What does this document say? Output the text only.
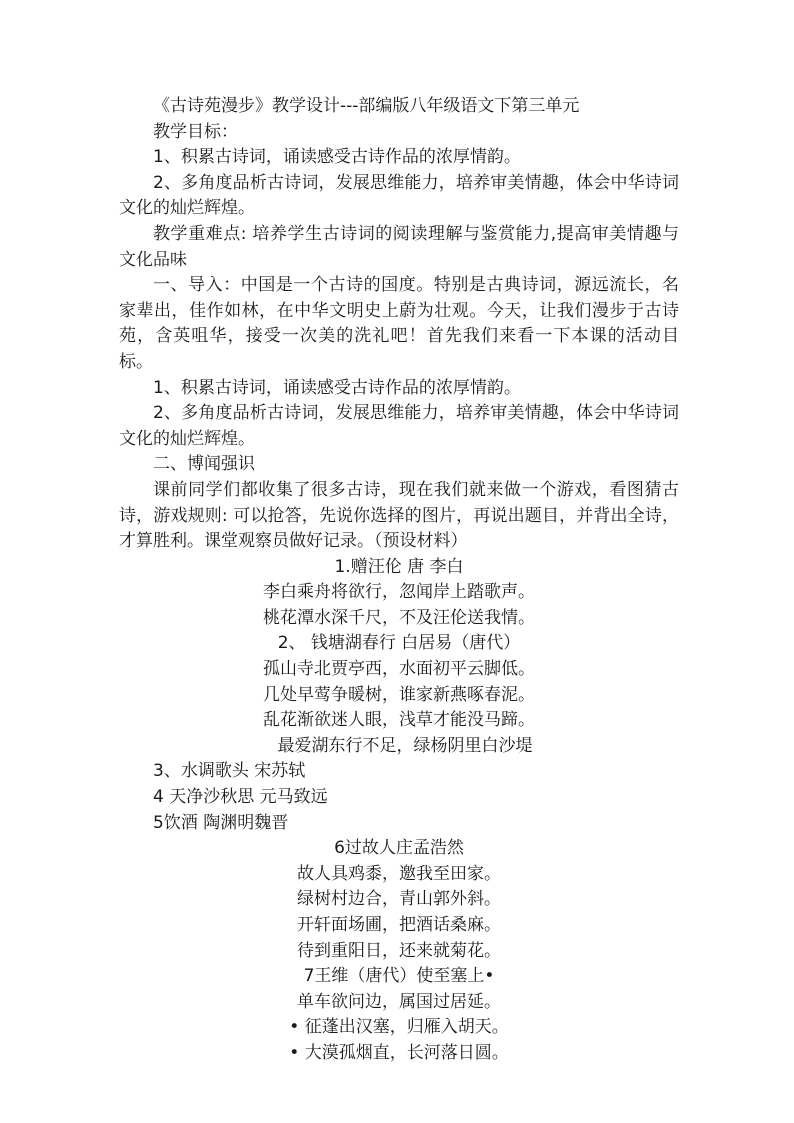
《古诗苑漫步》教学设计---部编版八年级语文下第三单元

教学目标：

1、积累古诗词，诵读感受古诗作品的浓厚情韵。

2、多角度品析古诗词，发展思维能力，培养审美情趣，体会中华诗词文化的灿烂辉煌。

教学重难点: 培养学生古诗词的阅读理解与鉴赏能力,提高审美情趣与文化品味

一、导入：中国是一个古诗的国度。特别是古典诗词，源远流长，名家辈出，佳作如林，在中华文明史上蔚为壮观。今天，让我们漫步于古诗苑，含英咀华，接受一次美的洗礼吧！首先我们来看一下本课的活动目标。

1、积累古诗词，诵读感受古诗作品的浓厚情韵。

2、多角度品析古诗词，发展思维能力，培养审美情趣，体会中华诗词文化的灿烂辉煌。

二、博闻强识

课前同学们都收集了很多古诗，现在我们就来做一个游戏，看图猜古诗，游戏规则: 可以抢答，先说你选择的图片，再说出题目，并背出全诗，才算胜利。课堂观察员做好记录。（预设材料）

1.赠汪伦 唐 李白

李白乘舟将欲行，忽闻岸上踏歌声。

桃花潭水深千尺，不及汪伦送我情。

2、 钱塘湖春行 白居易（唐代）

孤山寺北贾亭西，水面初平云脚低。

几处早莺争暖树，谁家新燕啄春泥。

乱花渐欲迷人眼，浅草才能没马蹄。

最爱湖东行不足，绿杨阴里白沙堤

3、水调歌头 宋苏轼

4 天净沙秋思 元马致远

5饮酒 陶渊明魏晋

6过故人庄孟浩然

故人具鸡黍，邀我至田家。

绿树村边合，青山郭外斜。

开轩面场圃，把酒话桑麻。

待到重阳日，还来就菊花。

7王维（唐代）使至塞上•

单车欲问边，属国过居延。

• 征蓬出汉塞，归雁入胡天。

• 大漠孤烟直，长河落日圆。
